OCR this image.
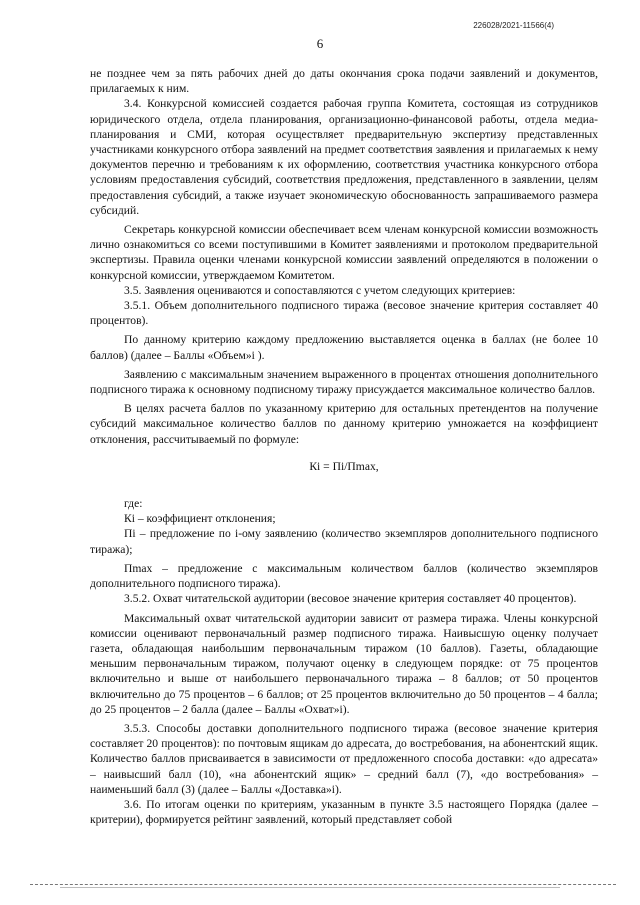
226028/2021-11566(4)
6

не позднее чем за пять рабочих дней до даты окончания срока подачи заявлений и документов, прилагаемых к ним.

3.4. Конкурсной комиссией создается рабочая группа Комитета, состоящая из сотрудников юридического отдела, отдела планирования, организационно-финансовой работы, отдела медиа-планирования и СМИ, которая осуществляет предварительную экспертизу представленных участниками конкурсного отбора заявлений на предмет соответствия заявления и прилагаемых к нему документов перечню и требованиям к их оформлению, соответствия участника конкурсного отбора условиям предоставления субсидий, соответствия предложения, представленного в заявлении, целям предоставления субсидий, а также изучает экономическую обоснованность запрашиваемого размера субсидий.

Секретарь конкурсной комиссии обеспечивает всем членам конкурсной комиссии возможность лично ознакомиться со всеми поступившими в Комитет заявлениями и протоколом предварительной экспертизы. Правила оценки членами конкурсной комиссии заявлений определяются в положении о конкурсной комиссии, утверждаемом Комитетом.

3.5. Заявления оцениваются и сопоставляются с учетом следующих критериев:

3.5.1. Объем дополнительного подписного тиража (весовое значение критерия составляет 40 процентов).

По данному критерию каждому предложению выставляется оценка в баллах (не более 10 баллов) (далее – Баллы «Объем»i ).

Заявлению с максимальным значением выраженного в процентах отношения дополнительного подписного тиража к основному подписному тиражу присуждается максимальное количество баллов.

В целях расчета баллов по указанному критерию для остальных претендентов на получение субсидий максимальное количество баллов по данному критерию умножается на коэффициент отклонения, рассчитываемый по формуле:

Кi = Пi/Пmax,

где:

Кi – коэффициент отклонения;

Пi – предложение по i-ому заявлению (количество экземпляров дополнительного подписного тиража);

Пmax – предложение с максимальным количеством баллов (количество экземпляров дополнительного подписного тиража).

3.5.2. Охват читательской аудитории (весовое значение критерия составляет 40 процентов).

Максимальный охват читательской аудитории зависит от размера тиража. Члены конкурсной комиссии оценивают первоначальный размер подписного тиража. Наивысшую оценку получает газета, обладающая наибольшим первоначальным тиражом (10 баллов). Газеты, обладающие меньшим первоначальным тиражом, получают оценку в следующем порядке: от 75 процентов включительно и выше от наибольшего первоначального тиража – 8 баллов; от 50 процентов включительно до 75 процентов – 6 баллов; от 25 процентов включительно до 50 процентов – 4 балла; до 25 процентов – 2 балла (далее – Баллы «Охват»i).

3.5.3. Способы доставки дополнительного подписного тиража (весовое значение критерия составляет 20 процентов): по почтовым ящикам до адресата, до востребования, на абонентский ящик. Количество баллов присваивается в зависимости от предложенного способа доставки: «до адресата» – наивысший балл (10), «на абонентский ящик» – средний балл (7), «до востребования» – наименьший балл (3) (далее – Баллы «Доставка»i).

3.6. По итогам оценки по критериям, указанным в пункте 3.5 настоящего Порядка (далее – критерии), формируется рейтинг заявлений, который представляет собой
